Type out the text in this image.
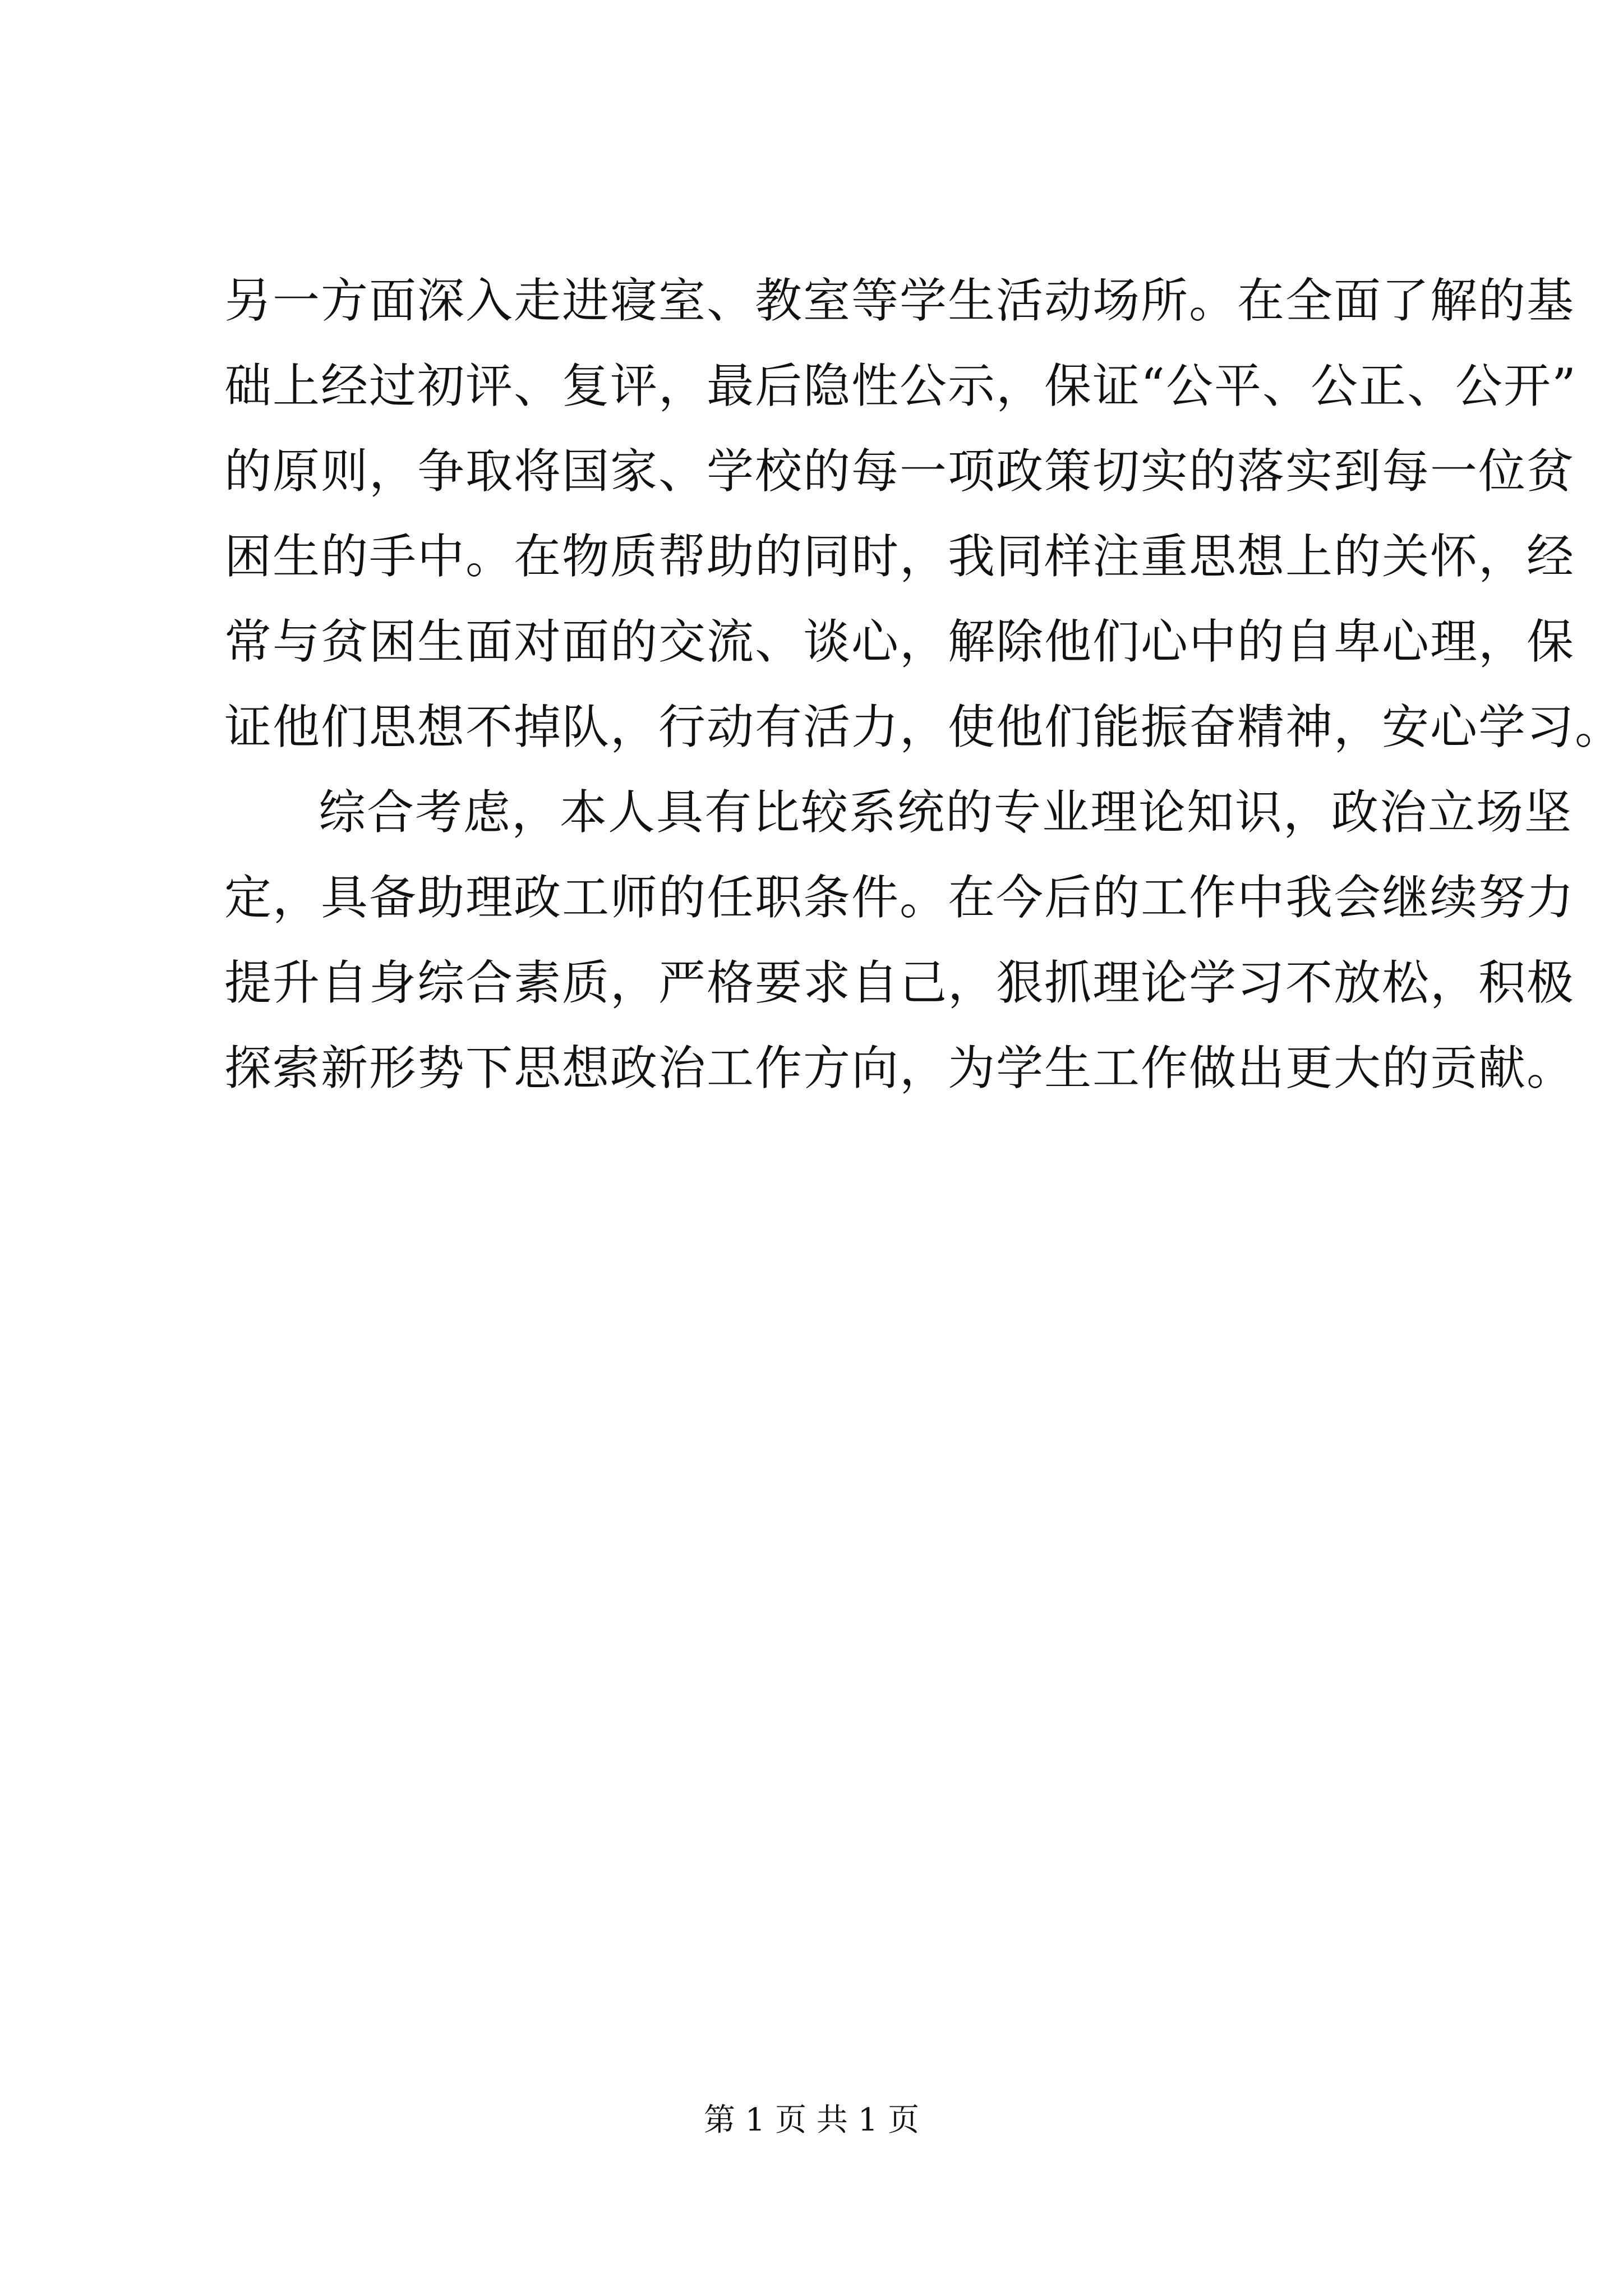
另一方面深入走进寝室、教室等学生活动场所。在全面了解的基
础上经过初评、复评，最后隐性公示，保证“公平、公正、公开”
的原则，争取将国家、学校的每一项政策切实的落实到每一位贫
困生的手中。在物质帮助的同时，我同样注重思想上的关怀，经
常与贫困生面对面的交流、谈心，解除他们心中的自卑心理，保
证他们思想不掉队，行动有活力，使他们能振奋精神，安心学习。
综合考虑，本人具有比较系统的专业理论知识，政治立场坚
定，具备助理政工师的任职条件。在今后的工作中我会继续努力
提升自身综合素质，严格要求自己，狠抓理论学习不放松，积极
探索新形势下思想政治工作方向，为学生工作做出更大的贡献。
第 1 页 共 1 页
